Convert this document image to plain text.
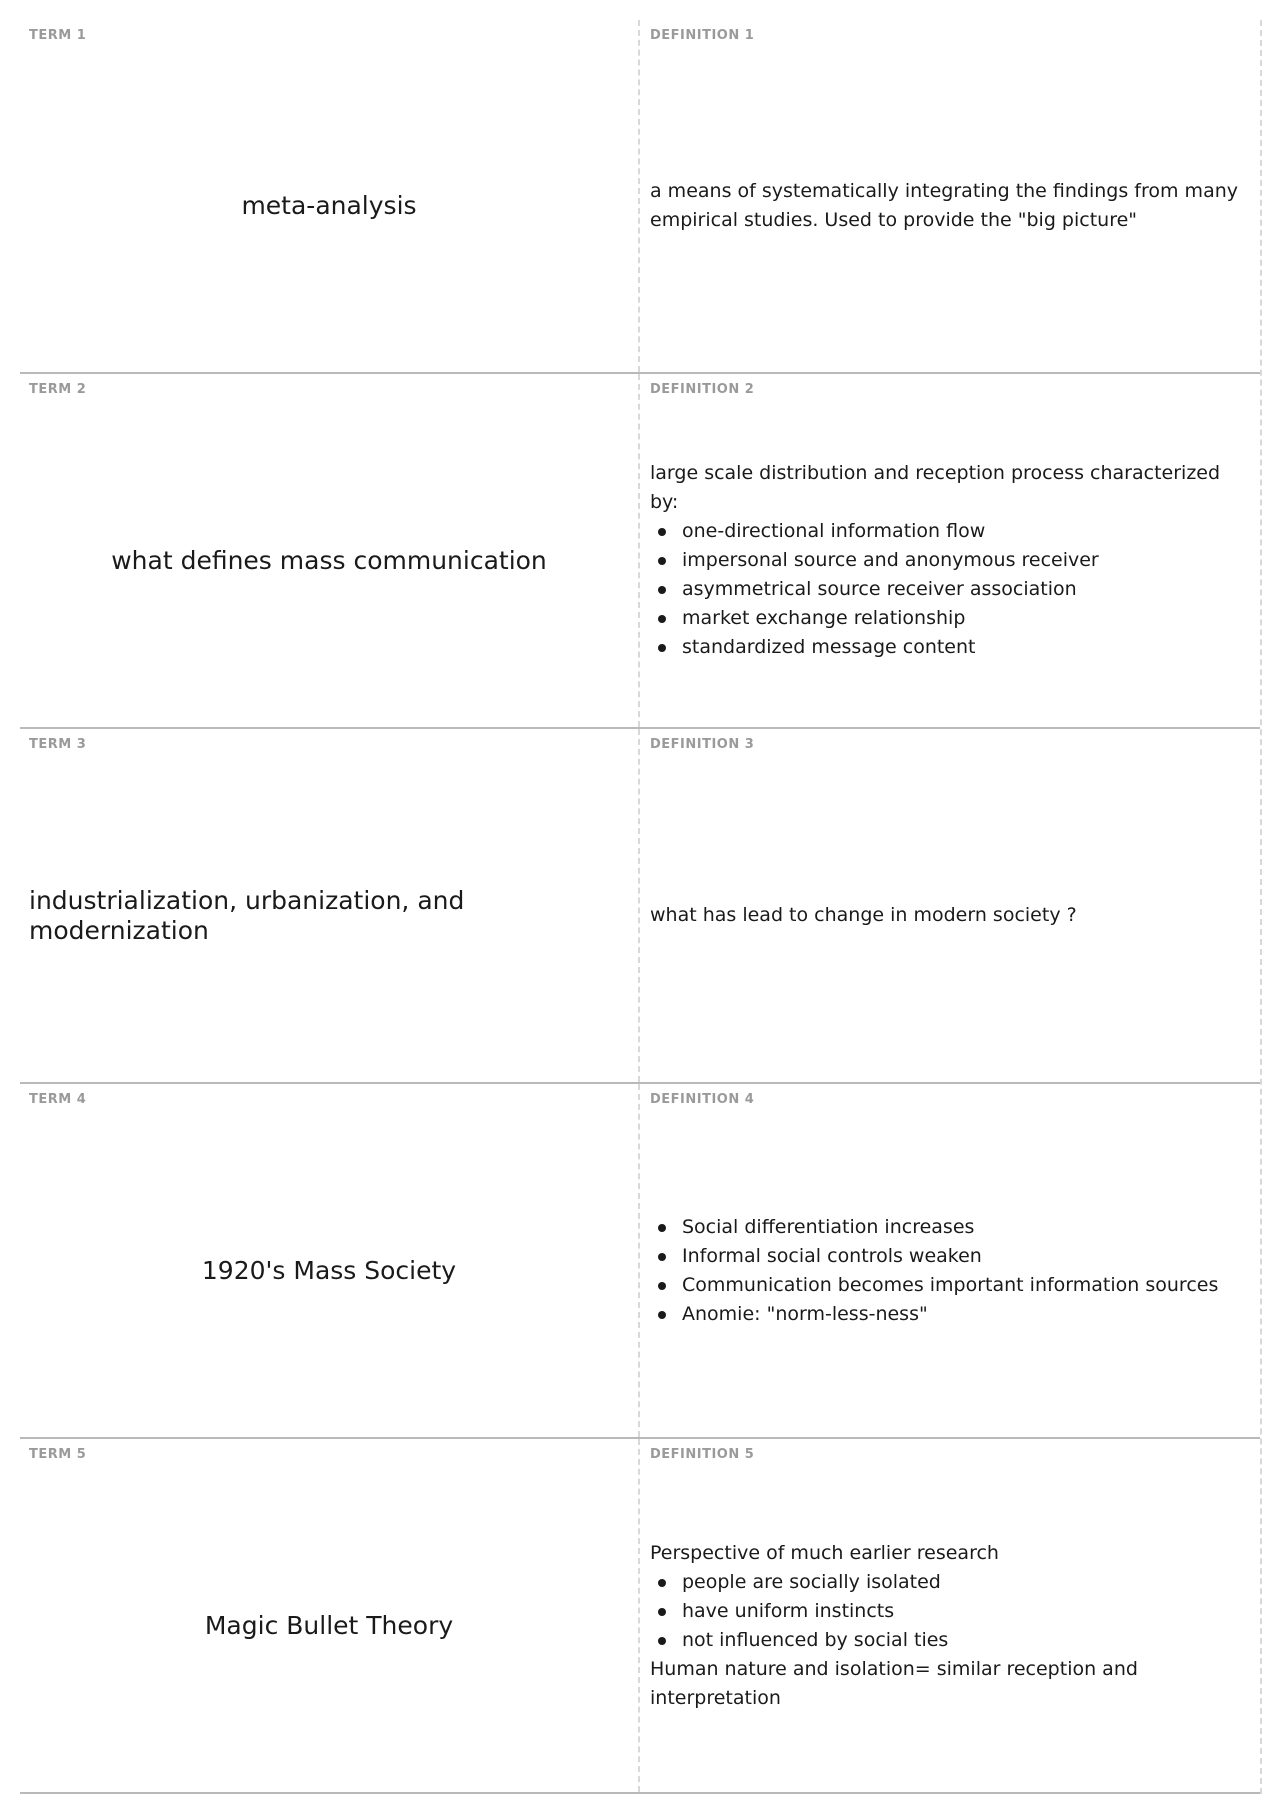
TERM 1
meta-analysis
DEFINITION 1

a means of systematically integrating the findings from many empirical studies. Used to provide the "big picture"

TERM 2
what defines mass communication
DEFINITION 2

large scale distribution and reception process characterized by:

one-directional information flow
impersonal source and anonymous receiver
asymmetrical source receiver association
market exchange relationship
standardized message content
TERM 3
industrialization, urbanization, and modernization
DEFINITION 3

what has lead to change in modern society ?

TERM 4
1920's Mass Society
DEFINITION 4
Social differentiation increases
Informal social controls weaken
Communication becomes important information sources
Anomie: "norm-less-ness"
TERM 5
Magic Bullet Theory
DEFINITION 5

Perspective of much earlier research

people are socially isolated
have uniform instincts
not influenced by social ties

Human nature and isolation= similar reception and interpretation
